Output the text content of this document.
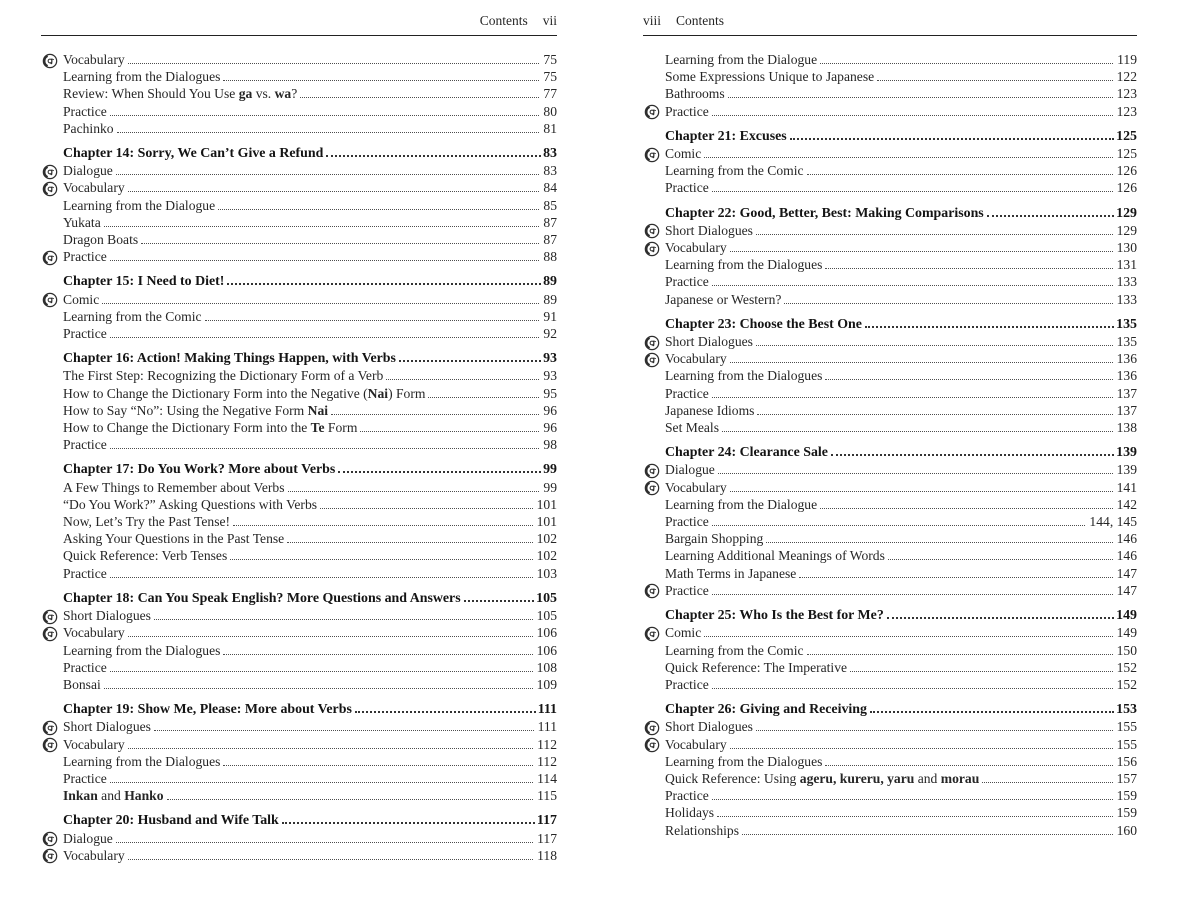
Contents vii
Vocabulary	75
Learning from the Dialogues	75
Review: When Should You Use ga vs. wa?	77
Practice	80
Pachinko	81
Chapter 14: Sorry, We Can’t Give a Refund	83
Dialogue	83
Vocabulary	84
Learning from the Dialogue	85
Yukata	87
Dragon Boats	87
Practice	88
Chapter 15: I Need to Diet!	89
Comic	89
Learning from the Comic	91
Practice	92
Chapter 16: Action! Making Things Happen, with Verbs	93
The First Step: Recognizing the Dictionary Form of a Verb	93
How to Change the Dictionary Form into the Negative (Nai) Form	95
How to Say “No”: Using the Negative Form Nai	96
How to Change the Dictionary Form into the Te Form	96
Practice	98
Chapter 17: Do You Work? More about Verbs	99
A Few Things to Remember about Verbs	99
“Do You Work?” Asking Questions with Verbs	101
Now, Let’s Try the Past Tense!	101
Asking Your Questions in the Past Tense	102
Quick Reference: Verb Tenses	102
Practice	103
Chapter 18: Can You Speak English? More Questions and Answers	105
Short Dialogues	105
Vocabulary	106
Learning from the Dialogues	106
Practice	108
Bonsai	109
Chapter 19: Show Me, Please: More about Verbs	111
Short Dialogues	111
Vocabulary	112
Learning from the Dialogues	112
Practice	114
Inkan and Hanko	115
Chapter 20: Husband and Wife Talk	117
Dialogue	117
Vocabulary	118
viii Contents
Learning from the Dialogue	119
Some Expressions Unique to Japanese	122
Bathrooms	123
Practice	123
Chapter 21: Excuses	125
Comic	125
Learning from the Comic	126
Practice	126
Chapter 22: Good, Better, Best: Making Comparisons	129
Short Dialogues	129
Vocabulary	130
Learning from the Dialogues	131
Practice	133
Japanese or Western?	133
Chapter 23: Choose the Best One	135
Short Dialogues	135
Vocabulary	136
Learning from the Dialogues	136
Practice	137
Japanese Idioms	137
Set Meals	138
Chapter 24: Clearance Sale	139
Dialogue	139
Vocabulary	141
Learning from the Dialogue	142
Practice	144, 145
Bargain Shopping	146
Learning Additional Meanings of Words	146
Math Terms in Japanese	147
Practice	147
Chapter 25: Who Is the Best for Me?	149
Comic	149
Learning from the Comic	150
Quick Reference: The Imperative	152
Practice	152
Chapter 26: Giving and Receiving	153
Short Dialogues	155
Vocabulary	155
Learning from the Dialogues	156
Quick Reference: Using ageru, kureru, yaru and morau	157
Practice	159
Holidays	159
Relationships	160
